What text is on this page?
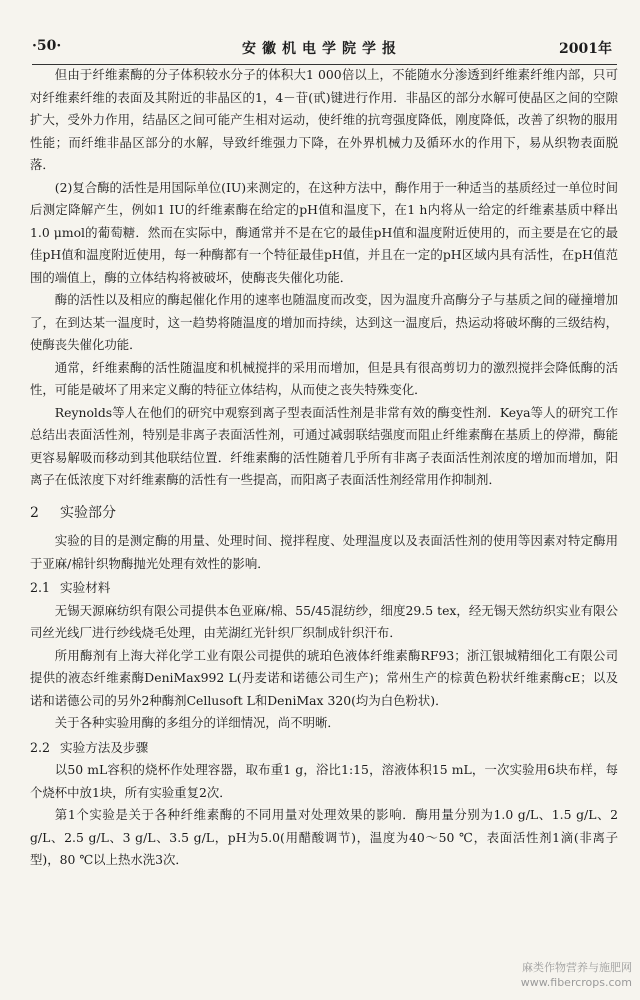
·50·	安徽机电学院学报	2001年

但由于纤维素酶的分子体积较水分子的体积大1 000倍以上，不能随水分渗透到纤维素纤维内部，只可对纤维素纤维的表面及其附近的非晶区的1，4－苷(甙)键进行作用．非晶区的部分水解可使晶区之间的空隙扩大，受外力作用，结晶区之间可能产生相对运动，使纤维的抗弯强度降低，刚度降低，改善了织物的服用性能；而纤维非晶区部分的水解，导致纤维强力下降，在外界机械力及循环水的作用下，易从织物表面脱落．

(2)复合酶的活性是用国际单位(IU)来测定的，在这种方法中，酶作用于一种适当的基质经过一单位时间后测定降解产生，例如1 IU的纤维素酶在给定的pH值和温度下，在1 h内将从一给定的纤维素基质中释出1.0 μmol的葡萄糖．然而在实际中，酶通常并不是在它的最佳pH值和温度附近使用的，而主要是在它的最佳pH值和温度附近使用，每一种酶都有一个特征最佳pH值，并且在一定的pH区域内具有活性，在pH值范围的端值上，酶的立体结构将被破坏，使酶丧失催化功能．

酶的活性以及相应的酶起催化作用的速率也随温度而改变，因为温度升高酶分子与基质之间的碰撞增加了，在到达某一温度时，这一趋势将随温度的增加而持续，达到这一温度后，热运动将破坏酶的三级结构，使酶丧失催化功能．

通常，纤维素酶的活性随温度和机械搅拌的采用而增加，但是具有很高剪切力的激烈搅拌会降低酶的活性，可能是破坏了用来定义酶的特征立体结构，从而使之丧失特殊变化．

Reynolds等人在他们的研究中观察到离子型表面活性剂是非常有效的酶变性剂．Keya等人的研究工作总结出表面活性剂，特别是非离子表面活性剂，可通过减弱联结强度而阻止纤维素酶在基质上的停滞，酶能更容易解吸而移动到其他联结位置．纤维素酶的活性随着几乎所有非离子表面活性剂浓度的增加而增加，阳离子在低浓度下对纤维素酶的活性有一些提高，而阳离子表面活性剂经常用作抑制剂．

2 实验部分

实验的目的是测定酶的用量、处理时间、搅拌程度、处理温度以及表面活性剂的使用等因素对特定酶用于亚麻/棉针织物酶抛光处理有效性的影响．

2.1 实验材料

无锡天源麻纺织有限公司提供本色亚麻/棉、55/45混纺纱，细度29.5 tex，经无锡天然纺织实业有限公司丝光线厂进行纱线烧毛处理，由芜湖红光针织厂织制成针织汗布．

所用酶剂有上海大祥化学工业有限公司提供的琥珀色液体纤维素酶RF93；浙江银城精细化工有限公司提供的液态纤维素酶DeniMax992 L(丹麦诺和诺德公司生产)；常州生产的棕黄色粉状纤维素酶cE；以及诺和诺德公司的另外2种酶剂Cellusoft L和DeniMax 320(均为白色粉状)．

关于各种实验用酶的多组分的详细情况，尚不明晰．

2.2 实验方法及步骤

以50 mL容积的烧杯作处理容器，取布重1 g，浴比1:15，溶液体积15 mL，一次实验用6块布样，每个烧杯中放1块，所有实验重复2次．

第1个实验是关于各种纤维素酶的不同用量对处理效果的影响．酶用量分别为1.0 g/L、1.5 g/L、2 g/L、2.5 g/L、3 g/L、3.5 g/L，pH为5.0(用醋酸调节)，温度为40～50 ℃，表面活性剂1滴(非离子型)，80 ℃以上热水洗3次．

麻类作物营养与施肥网
www.fibercrops.com
